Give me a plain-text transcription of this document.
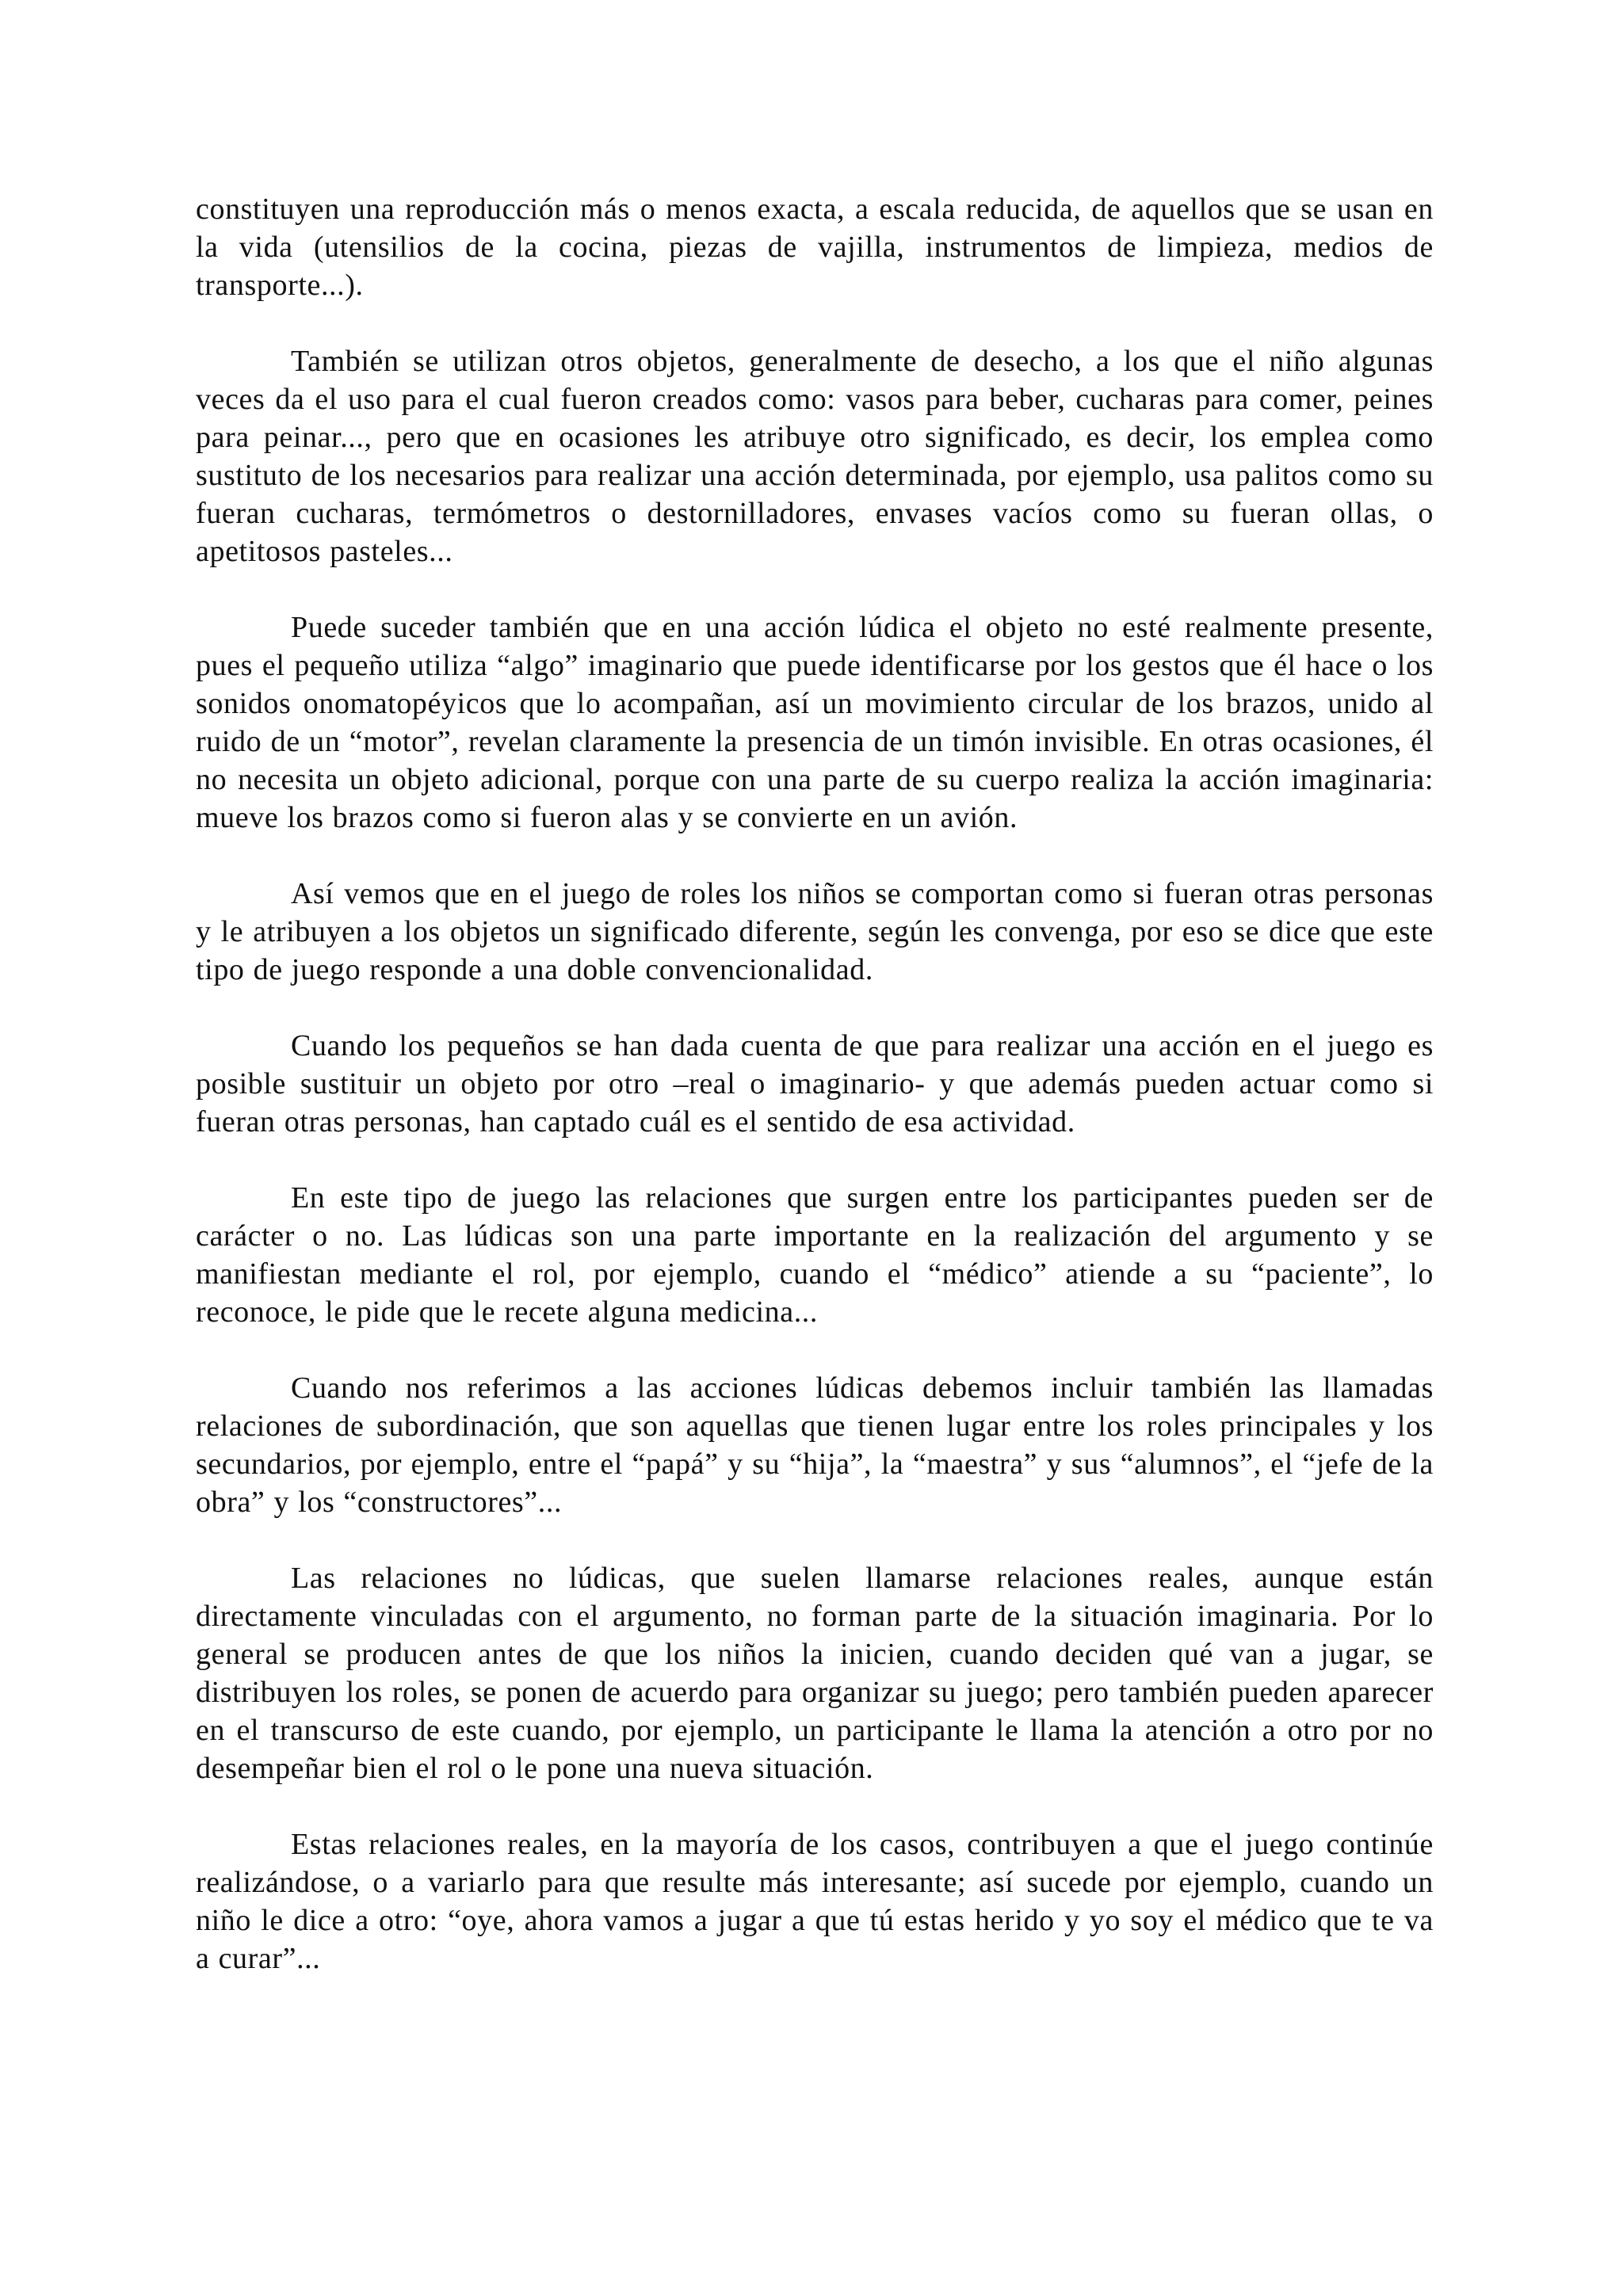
constituyen una reproducción más o menos exacta, a escala reducida, de aquellos que se usan en la vida (utensilios de la cocina, piezas de vajilla, instrumentos de limpieza, medios de transporte...).

También se utilizan otros objetos, generalmente de desecho, a los que el niño algunas veces da el uso para el cual fueron creados como: vasos para beber, cucharas para comer, peines para peinar..., pero que en ocasiones les atribuye otro significado, es decir, los emplea como sustituto de los necesarios para realizar una acción determinada, por ejemplo, usa palitos como su fueran cucharas, termómetros o destornilladores, envases vacíos como su fueran ollas, o apetitosos pasteles...

Puede suceder también que en una acción lúdica el objeto no esté realmente presente, pues el pequeño utiliza “algo” imaginario que puede identificarse por los gestos que él hace o los sonidos onomatopéyicos que lo acompañan, así un movimiento circular de los brazos, unido al ruido de un “motor”, revelan claramente la presencia de un timón invisible. En otras ocasiones, él no necesita un objeto adicional, porque con una parte de su cuerpo realiza la acción imaginaria: mueve los brazos como si fueron alas y se convierte en un avión.

Así vemos que en el juego de roles los niños se comportan como si fueran otras personas y le atribuyen a los objetos un significado diferente, según les convenga, por eso se dice que este tipo de juego responde a una doble convencionalidad.

Cuando los pequeños se han dada cuenta de que para realizar una acción en el juego es posible sustituir un objeto por otro –real o imaginario- y que además pueden actuar como si fueran otras personas, han captado cuál es el sentido de esa actividad.

En este tipo de juego las relaciones que surgen entre los participantes pueden ser de carácter o no. Las lúdicas son una parte importante en la realización del argumento y se manifiestan mediante el rol, por ejemplo, cuando el “médico” atiende a su “paciente”, lo reconoce, le pide que le recete alguna medicina...

Cuando nos referimos a las acciones lúdicas debemos incluir también las llamadas relaciones de subordinación, que son aquellas que tienen lugar entre los roles principales y los secundarios, por ejemplo, entre el “papá” y su “hija”, la “maestra” y sus “alumnos”, el “jefe de la obra” y los “constructores”...

Las relaciones no lúdicas, que suelen llamarse relaciones reales, aunque están directamente vinculadas con el argumento, no forman parte de la situación imaginaria. Por lo general se producen antes de que los niños la inicien, cuando deciden qué van a jugar, se distribuyen los roles, se ponen de acuerdo para organizar su juego; pero también pueden aparecer en el transcurso de este cuando, por ejemplo, un participante le llama la atención a otro por no desempeñar bien el rol o le pone una nueva situación.

Estas relaciones reales, en la mayoría de los casos, contribuyen a que el juego continúe realizándose, o a variarlo para que resulte más interesante; así sucede por ejemplo, cuando un niño le dice a otro: “oye, ahora vamos a jugar a que tú estas herido y yo soy el médico que te va a curar”...
